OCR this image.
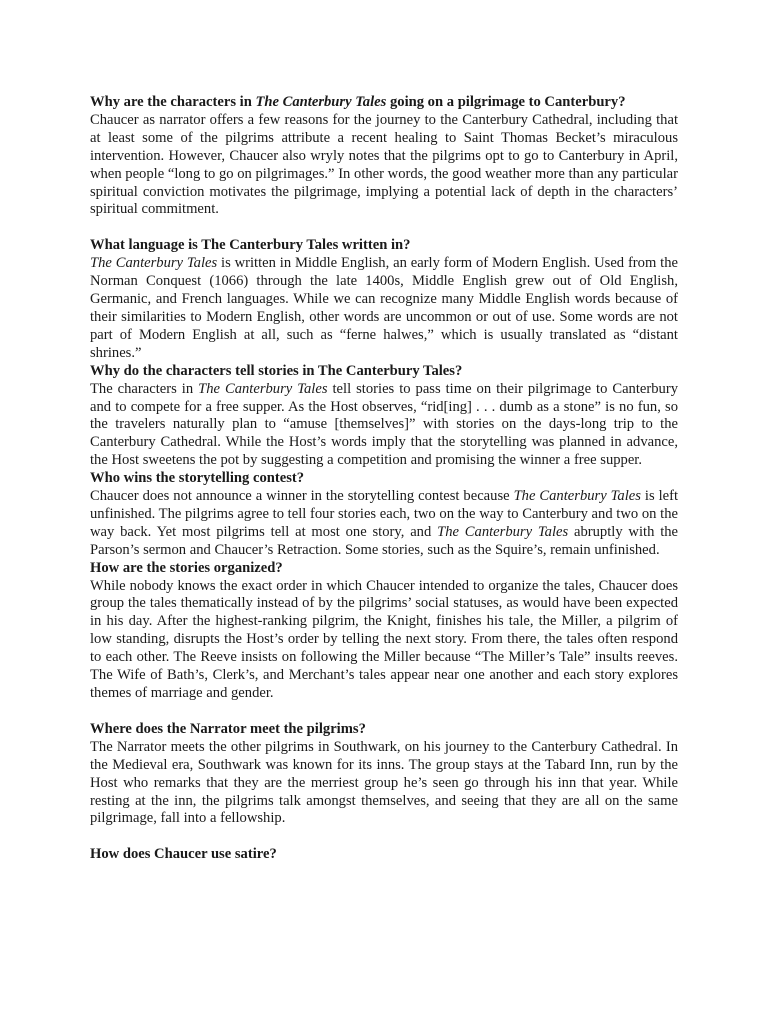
Why are the characters in The Canterbury Tales going on a pilgrimage to Canterbury?

Chaucer as narrator offers a few reasons for the journey to the Canterbury Cathedral, including that at least some of the pilgrims attribute a recent healing to Saint Thomas Becket’s miraculous intervention. However, Chaucer also wryly notes that the pilgrims opt to go to Canterbury in April, when people “long to go on pilgrimages.” In other words, the good weather more than any particular spiritual conviction motivates the pilgrimage, implying a potential lack of depth in the characters’ spiritual commitment.

What language is The Canterbury Tales written in?

The Canterbury Tales is written in Middle English, an early form of Modern English. Used from the Norman Conquest (1066) through the late 1400s, Middle English grew out of Old English, Germanic, and French languages. While we can recognize many Middle English words because of their similarities to Modern English, other words are uncommon or out of use. Some words are not part of Modern English at all, such as “ferne halwes,” which is usually translated as “distant shrines.”

Why do the characters tell stories in The Canterbury Tales?

The characters in The Canterbury Tales tell stories to pass time on their pilgrimage to Canterbury and to compete for a free supper. As the Host observes, “rid[ing] . . . dumb as a stone” is no fun, so the travelers naturally plan to “amuse [themselves]” with stories on the days-long trip to the Canterbury Cathedral. While the Host’s words imply that the storytelling was planned in advance, the Host sweetens the pot by suggesting a competition and promising the winner a free supper.

Who wins the storytelling contest?

Chaucer does not announce a winner in the storytelling contest because The Canterbury Tales is left unfinished. The pilgrims agree to tell four stories each, two on the way to Canterbury and two on the way back. Yet most pilgrims tell at most one story, and The Canterbury Tales abruptly with the Parson’s sermon and Chaucer’s Retraction. Some stories, such as the Squire’s, remain unfinished.

How are the stories organized?

While nobody knows the exact order in which Chaucer intended to organize the tales, Chaucer does group the tales thematically instead of by the pilgrims’ social statuses, as would have been expected in his day. After the highest-ranking pilgrim, the Knight, finishes his tale, the Miller, a pilgrim of low standing, disrupts the Host’s order by telling the next story. From there, the tales often respond to each other. The Reeve insists on following the Miller because “The Miller’s Tale” insults reeves. The Wife of Bath’s, Clerk’s, and Merchant’s tales appear near one another and each story explores themes of marriage and gender.

Where does the Narrator meet the pilgrims?

The Narrator meets the other pilgrims in Southwark, on his journey to the Canterbury Cathedral. In the Medieval era, Southwark was known for its inns. The group stays at the Tabard Inn, run by the Host who remarks that they are the merriest group he’s seen go through his inn that year. While resting at the inn, the pilgrims talk amongst themselves, and seeing that they are all on the same pilgrimage, fall into a fellowship.

How does Chaucer use satire?
